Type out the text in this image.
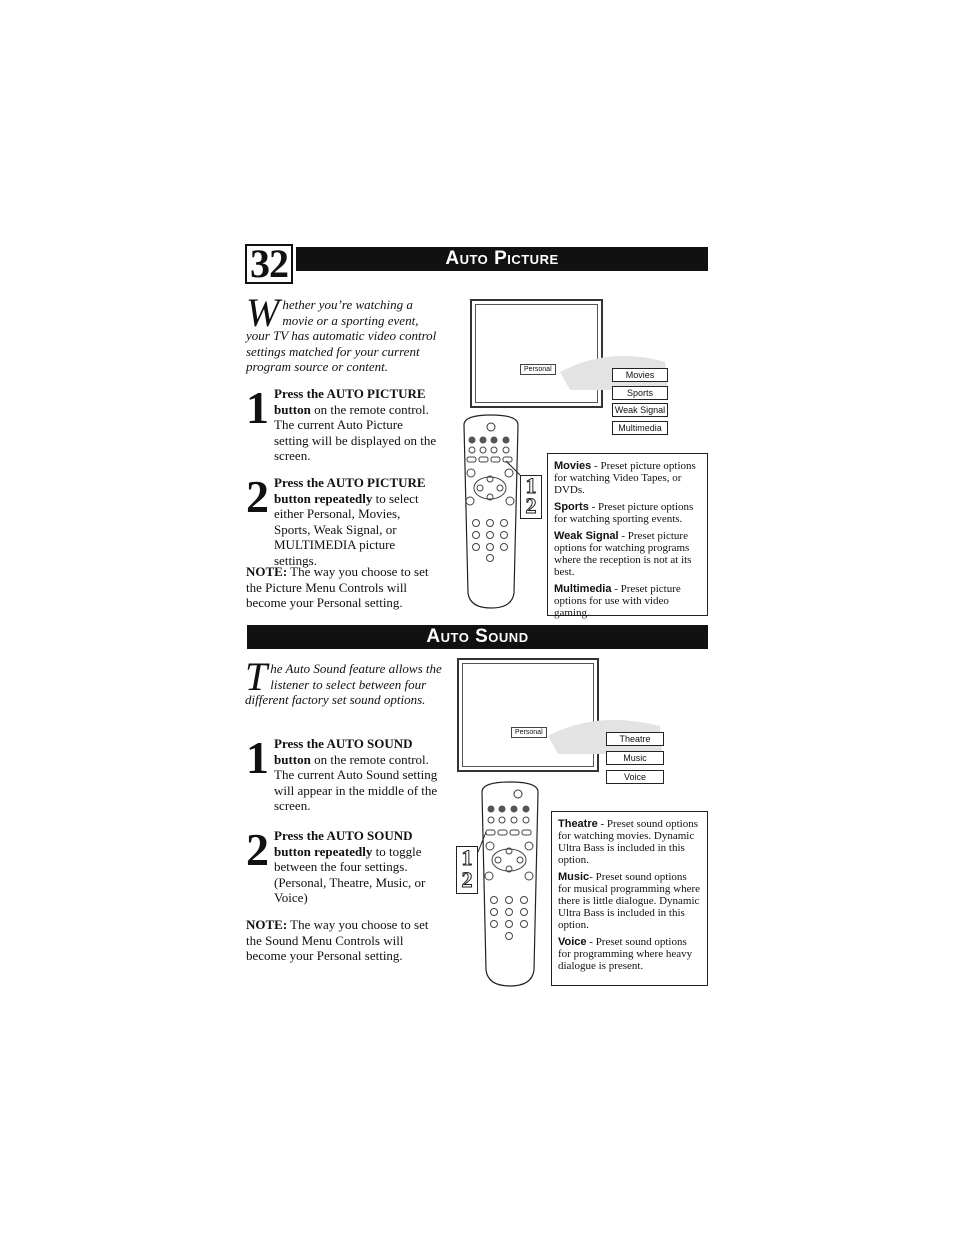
32	Auto Picture
Whether you’re watching a movie or a sporting event, your TV has automatic video control settings matched for your current program source or content.
1 Press the AUTO PICTURE button on the remote control. The current Auto Picture setting will be displayed on the screen.
2 Press the AUTO PICTURE button repeatedly to select either Personal, Movies, Sports, Weak Signal, or MULTIMEDIA picture settings.
NOTE: The way you choose to set the Picture Menu Controls will become your Personal setting.
Personal
Movies
Sports
Weak Signal
Multimedia
1
2

Movies - Preset picture options for watching Video Tapes, or DVDs.

Sports - Preset picture options for watching sporting events.

Weak Signal - Preset picture options for watching programs where the reception is not at its best.

Multimedia - Preset picture options for use with video gaming.

Auto Sound
The Auto Sound feature allows the listener to select between four different factory set sound options.
1 Press the AUTO SOUND button on the remote control. The current Auto Sound setting will appear in the middle of the screen.
2 Press the AUTO SOUND button repeatedly to toggle between the four settings. (Personal, Theatre, Music, or Voice)
NOTE: The way you choose to set the Sound Menu Controls will become your Personal setting.
Personal
Theatre
Music
Voice
1
2

Theatre - Preset sound options for watching movies. Dynamic Ultra Bass is included in this option.

Music- Preset sound options for musical programming where there is little dialogue. Dynamic Ultra Bass is included in this option.

Voice - Preset sound options for programming where heavy dialogue is present.
